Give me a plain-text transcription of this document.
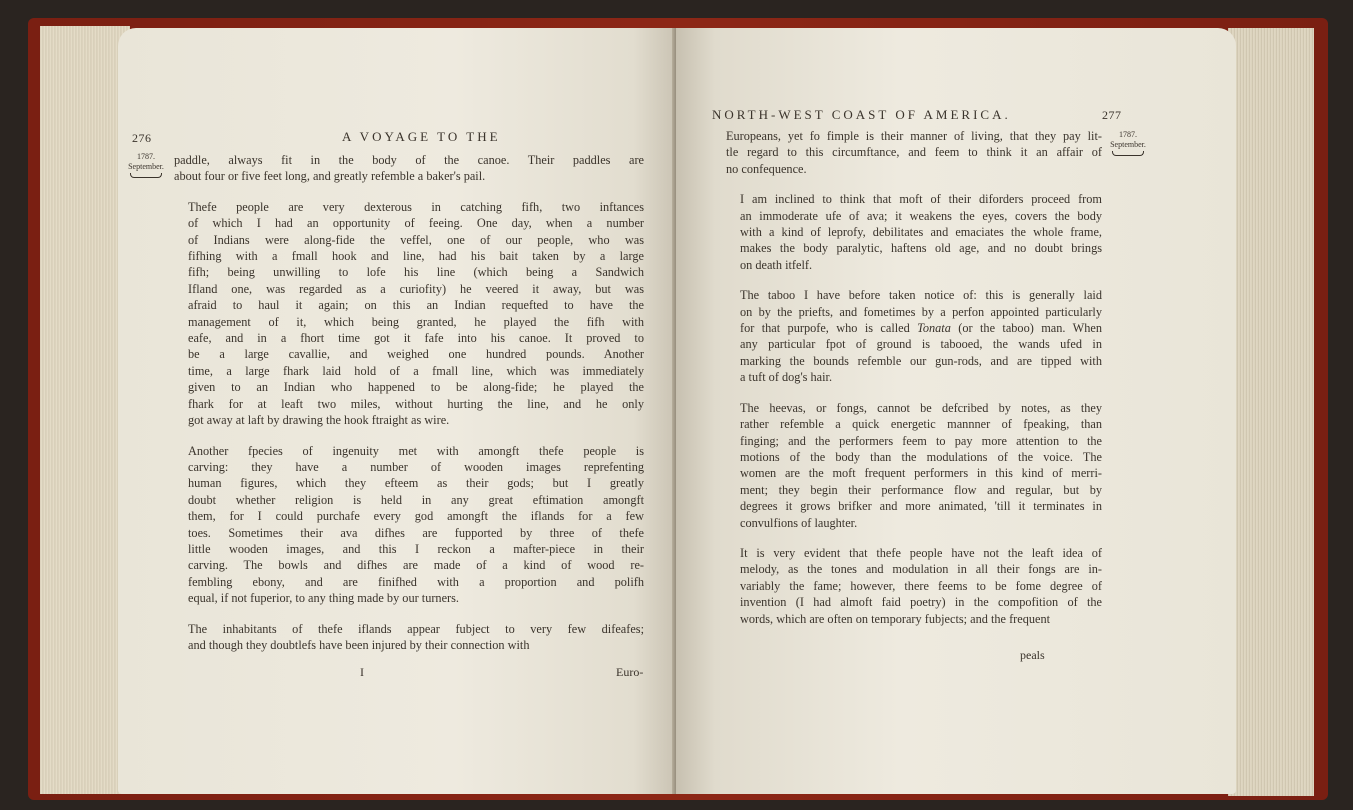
276	A VOYAGE TO THE
1787.
September. paddle, always fit in the body of the canoe. Their paddles are
about four or five feet long, and greatly refemble a baker's pail.

Thefe people are very dexterous in catching fifh, two inftances
of which I had an opportunity of feeing. One day, when a number
of Indians were along-fide the veffel, one of our people, who was
fifhing with a fmall hook and line, had his bait taken by a large
fifh; being unwilling to lofe his line (which being a Sandwich
Ifland one, was regarded as a curiofity) he veered it away, but was
afraid to haul it again; on this an Indian requefted to have the
management of it, which being granted, he played the fifh with
eafe, and in a fhort time got it fafe into his canoe. It proved to
be a large cavallie, and weighed one hundred pounds. Another
time, a large fhark laid hold of a fmall line, which was immediately
given to an Indian who happened to be along-fide; he played the
fhark for at leaft two miles, without hurting the line, and he only
got away at laft by drawing the hook ftraight as wire.

Another fpecies of ingenuity met with amongft thefe people is
carving: they have a number of wooden images reprefenting
human figures, which they efteem as their gods; but I greatly
doubt whether religion is held in any great eftimation amongft
them, for I could purchafe every god amongft the iflands for a few
toes. Sometimes their ava difhes are fupported by three of thefe
little wooden images, and this I reckon a mafter-piece in their
carving. The bowls and difhes are made of a kind of wood re-
fembling ebony, and are finifhed with a proportion and polifh
equal, if not fuperior, to any thing made by our turners.

The inhabitants of thefe iflands appear fubject to very few difeafes;
and though they doubtlefs have been injured by their connection with

I	Euro-
NORTH-WEST COAST OF AMERICA.	277
1787.
September.

Europeans, yet fo fimple is their manner of living, that they pay lit-
tle regard to this circumftance, and feem to think it an affair of
no confequence.

I am inclined to think that moft of their diforders proceed from
an immoderate ufe of ava; it weakens the eyes, covers the body
with a kind of leprofy, debilitates and emaciates the whole frame,
makes the body paralytic, haftens old age, and no doubt brings
on death itfelf.

The taboo I have before taken notice of: this is generally laid
on by the priefts, and fometimes by a perfon appointed particularly
for that purpofe, who is called Tonata (or the taboo) man. When
any particular fpot of ground is tabooed, the wands ufed in
marking the bounds refemble our gun-rods, and are tipped with
a tuft of dog's hair.

The heevas, or fongs, cannot be defcribed by notes, as they
rather refemble a quick energetic mannner of fpeaking, than
finging; and the performers feem to pay more attention to the
motions of the body than the modulations of the voice. The
women are the moft frequent performers in this kind of merri-
ment; they begin their performance flow and regular, but by
degrees it grows brifker and more animated, 'till it terminates in
convulfions of laughter.

It is very evident that thefe people have not the leaft idea of
melody, as the tones and modulation in all their fongs are in-
variably the fame; however, there feems to be fome degree of
invention (I had almoft faid poetry) in the compofition of the
words, which are often on temporary fubjects; and the frequent

peals
